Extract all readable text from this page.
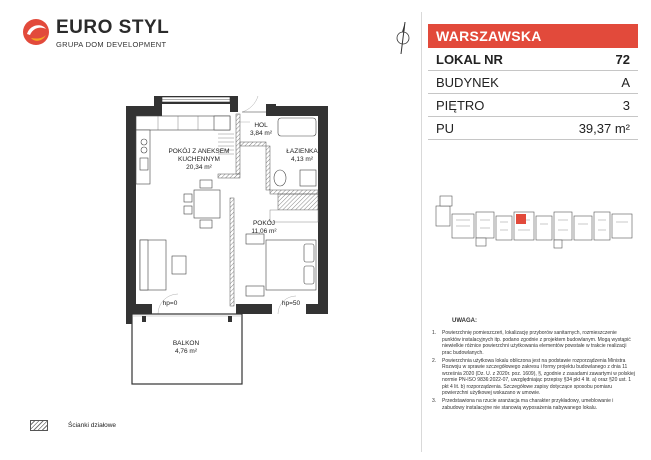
EURO STYL
GRUPA DOM DEVELOPMENT
WARSZAWSKA
LOKAL NR	72
BUDYNEK	A
PIĘTRO	3
PU	39,37 m²
UWAGA:
1.	Powierzchnię pomieszczeń, lokalizację przyborów sanitarnych, rozmieszczenie punktów instalacyjnych itp. podano zgodnie z projektem budowlanym. Mogą wystąpić niewielkie różnice powierzchni użytkowania elementów powstałe w trakcie realizacji prac budowlanych.
2.	Powierzchnia użytkowa lokalu obliczona jest na podstawie rozporządzenia Ministra Rozwoju w sprawie szczegółowego zakresu i formy projektu budowlanego z dnia 11 września 2020 (Dz. U. z 2020r. poz. 1609), §, zgodnie z zasadami zawartymi w polskiej normie PN-ISO 9836:2022-07, uwzględniając przepisy §34 pkt 4 lit. a) oraz §20 ust. 1 pkt 4 lit. b) rozporządzenia. Szczegółowe zapisy dotyczące sposobu pomiaru powierzchni użytkowej wskazano w umowie.
3.	Przedstawiona na rzucie aranżacja ma charakter przykładowy, umeblowanie i zabudowy instalacyjne nie stanowią wyposażenia nabywanego lokalu.
POKÓJ Z ANEKSEM
KUCHENNYM
20,34 m²
HOL
3,84 m²
ŁAZIENKA
4,13 m²
POKÓJ
11,06 m²
BALKON
4,76 m²
hp=0	hp=50
Ścianki działowe
